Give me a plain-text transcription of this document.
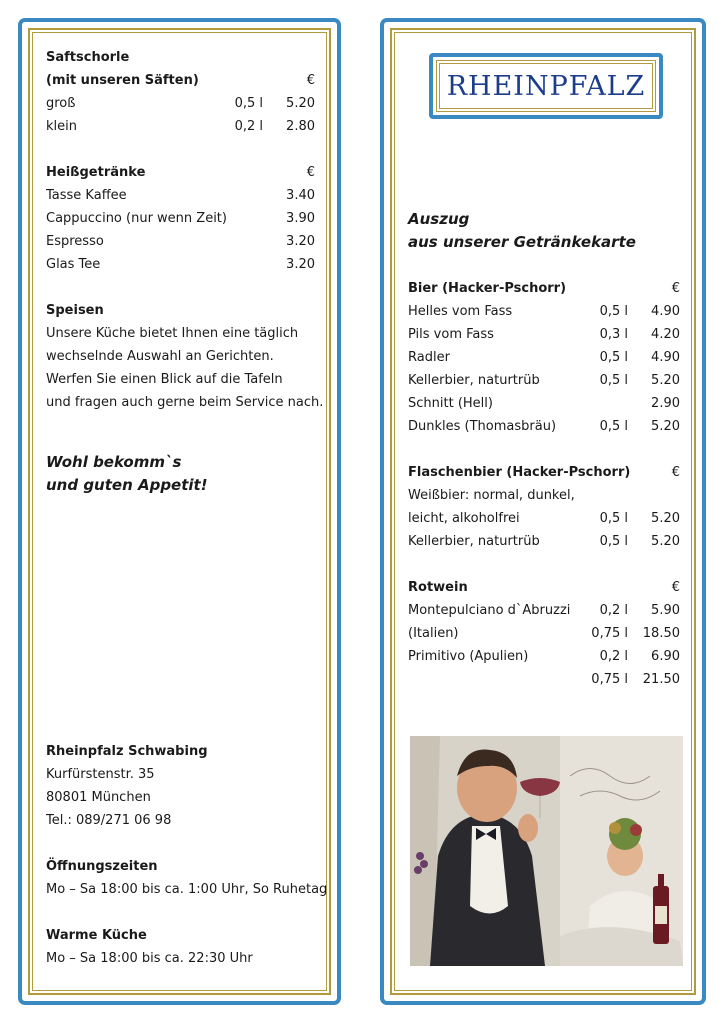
Saftschorle
(mit unseren Säften)	€
groß	0,5 l	5.20
klein	0,2 l	2.80
Heißgetränke	€
Tasse Kaffee	3.40
Cappuccino (nur wenn Zeit)	3.90
Espresso	3.20
Glas Tee	3.20
Speisen
Unsere Küche bietet Ihnen eine täglich
wechselnde Auswahl an Gerichten.
Werfen Sie einen Blick auf die Tafeln
und fragen auch gerne beim Service nach.
Wohl bekomm`s
und guten Appetit!
Rheinpfalz Schwabing
Kurfürstenstr. 35
80801 München
Tel.: 089/271 06 98
Öffnungszeiten
Mo – Sa 18:00 bis ca. 1:00 Uhr, So Ruhetag
Warme Küche
Mo – Sa 18:00 bis ca. 22:30 Uhr
RHEINPFALZ
Auszug
aus unserer Getränkekarte
Bier (Hacker-Pschorr)	€
Helles vom Fass	0,5 l	4.90
Pils vom Fass	0,3 l	4.20
Radler	0,5 l	4.90
Kellerbier, naturtrüb	0,5 l	5.20
Schnitt (Hell)	2.90
Dunkles (Thomasbräu)	0,5 l	5.20
Flaschenbier (Hacker-Pschorr)	€
Weißbier: normal, dunkel,
leicht, alkoholfrei	0,5 l	5.20
Kellerbier, naturtrüb	0,5 l	5.20
Rotwein	€
Montepulciano d`Abruzzi	0,2 l	5.90
(Italien)	0,75 l	18.50
Primitivo (Apulien)	0,2 l	6.90
0,75 l	21.50
